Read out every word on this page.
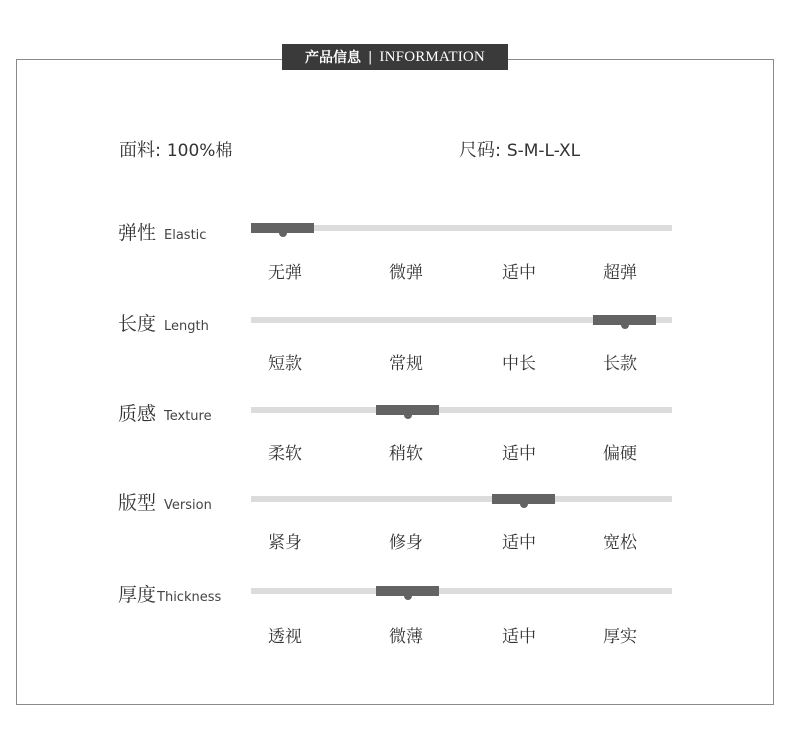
产品信息 | INFORMATION
面料: 100%棉	尺码: S-M-L-XL
弹性 Elastic
无弹	微弹	适中	超弹
长度 Length
短款	常规	中长	长款
质感 Texture
柔软	稍软	适中	偏硬
版型 Version
紧身	修身	适中	宽松
厚度Thickness
透视	微薄	适中	厚实
